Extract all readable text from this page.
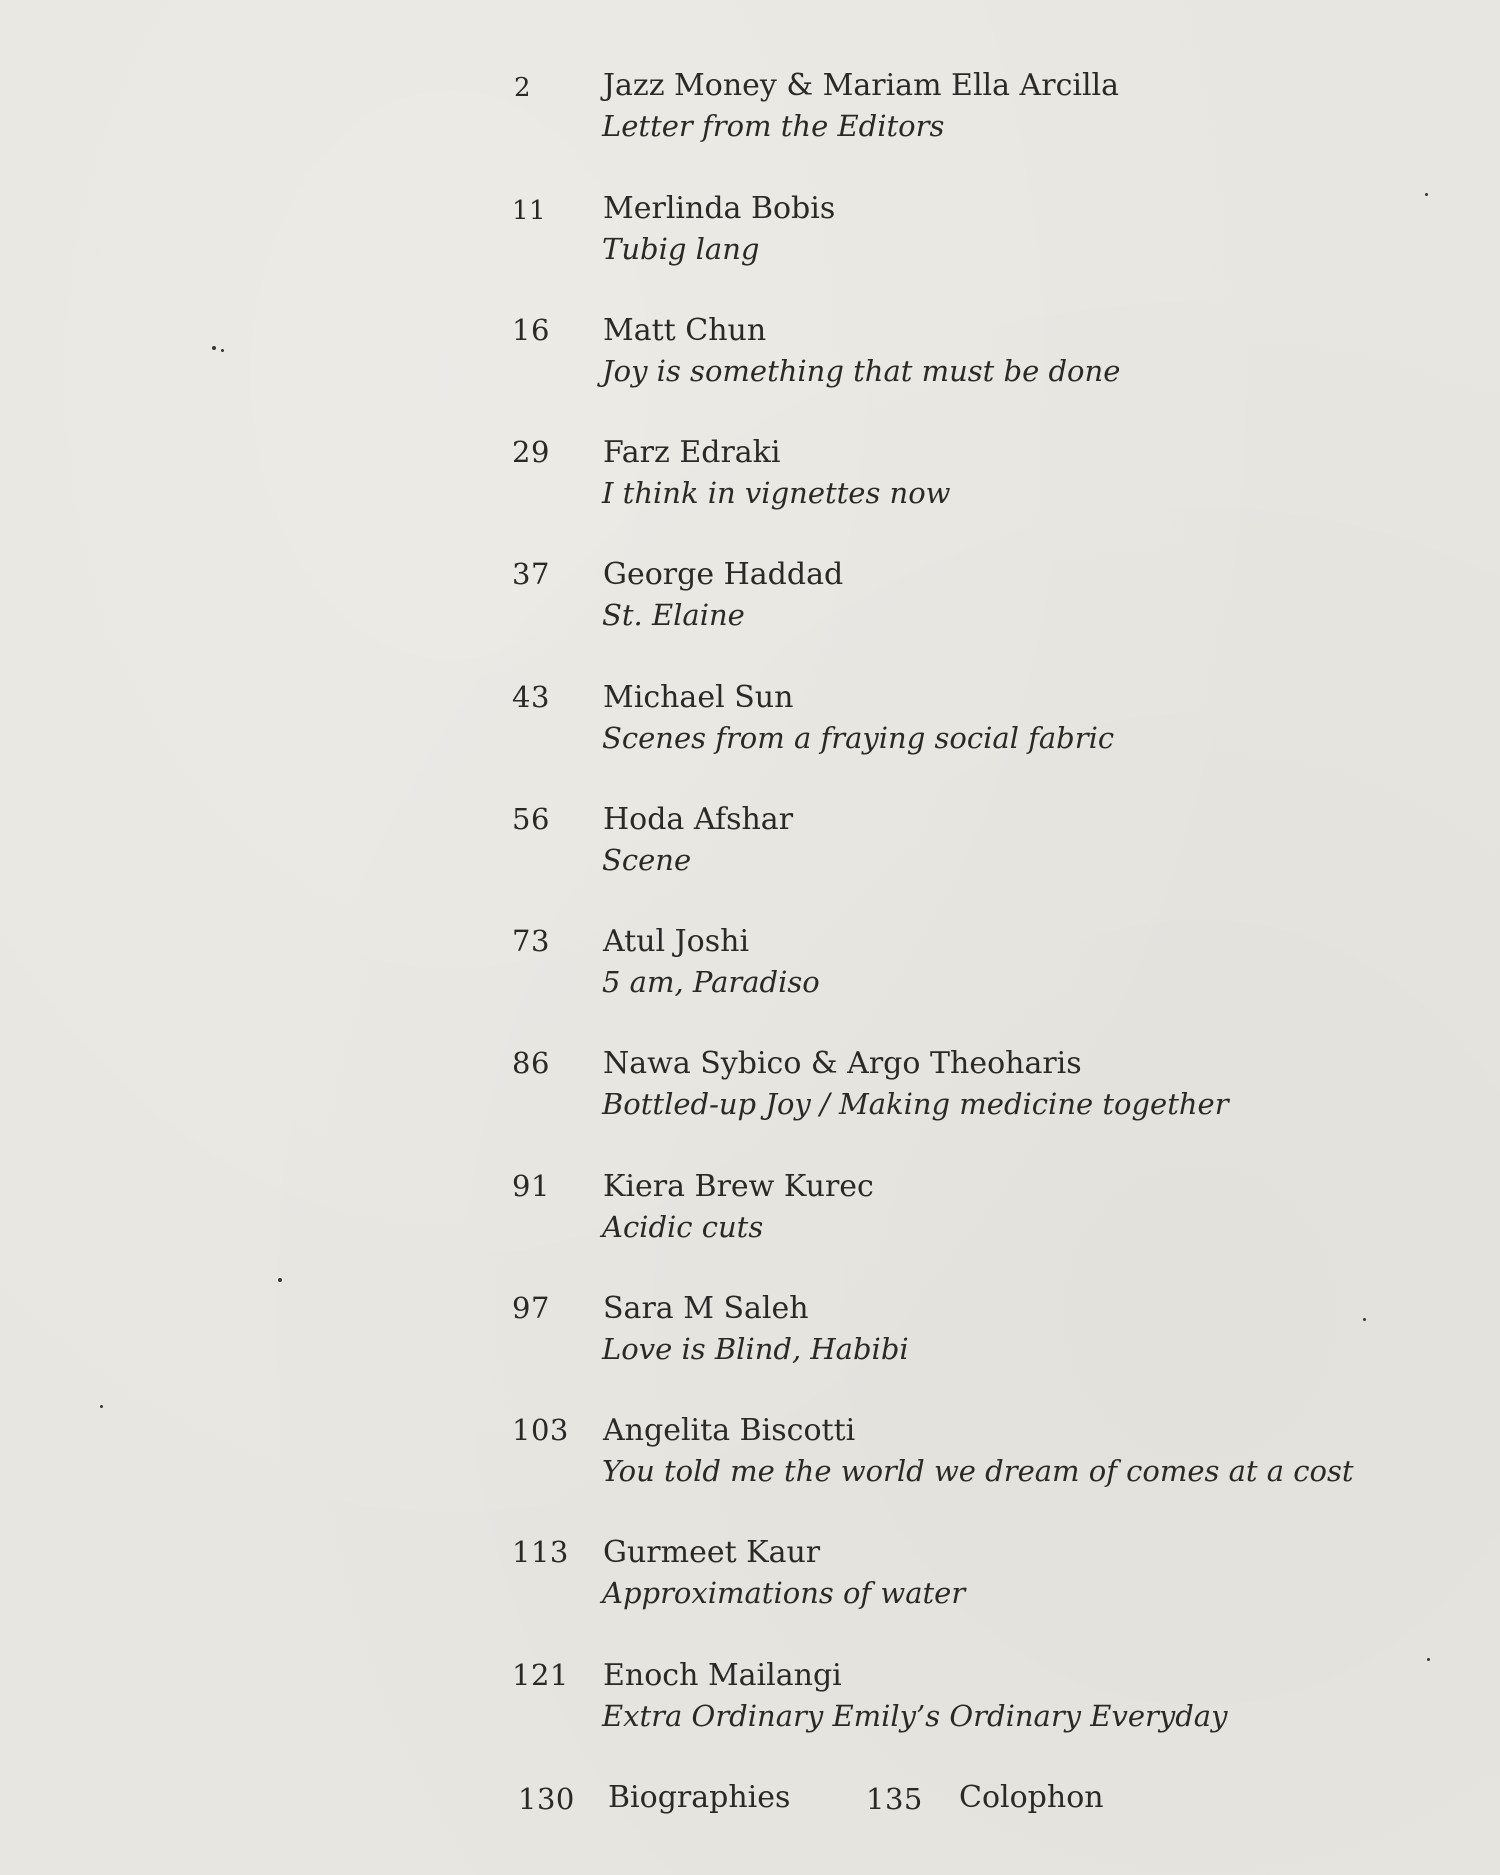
2 Jazz Money & Mariam Ella Arcilla
Letter from the Editors
11 Merlinda Bobis
Tubig lang
16 Matt Chun
Joy is something that must be done
29 Farz Edraki
I think in vignettes now
37 George Haddad
St. Elaine
43 Michael Sun
Scenes from a fraying social fabric
56 Hoda Afshar
Scene
73 Atul Joshi
5 am, Paradiso
86 Nawa Sybico & Argo Theoharis
Bottled-up Joy / Making medicine together
91 Kiera Brew Kurec
Acidic cuts
97 Sara M Saleh
Love is Blind, Habibi
103 Angelita Biscotti
You told me the world we dream of comes at a cost
113 Gurmeet Kaur
Approximations of water
121 Enoch Mailangi
Extra Ordinary Emily’s Ordinary Everyday
130 Biographies	135 Colophon
